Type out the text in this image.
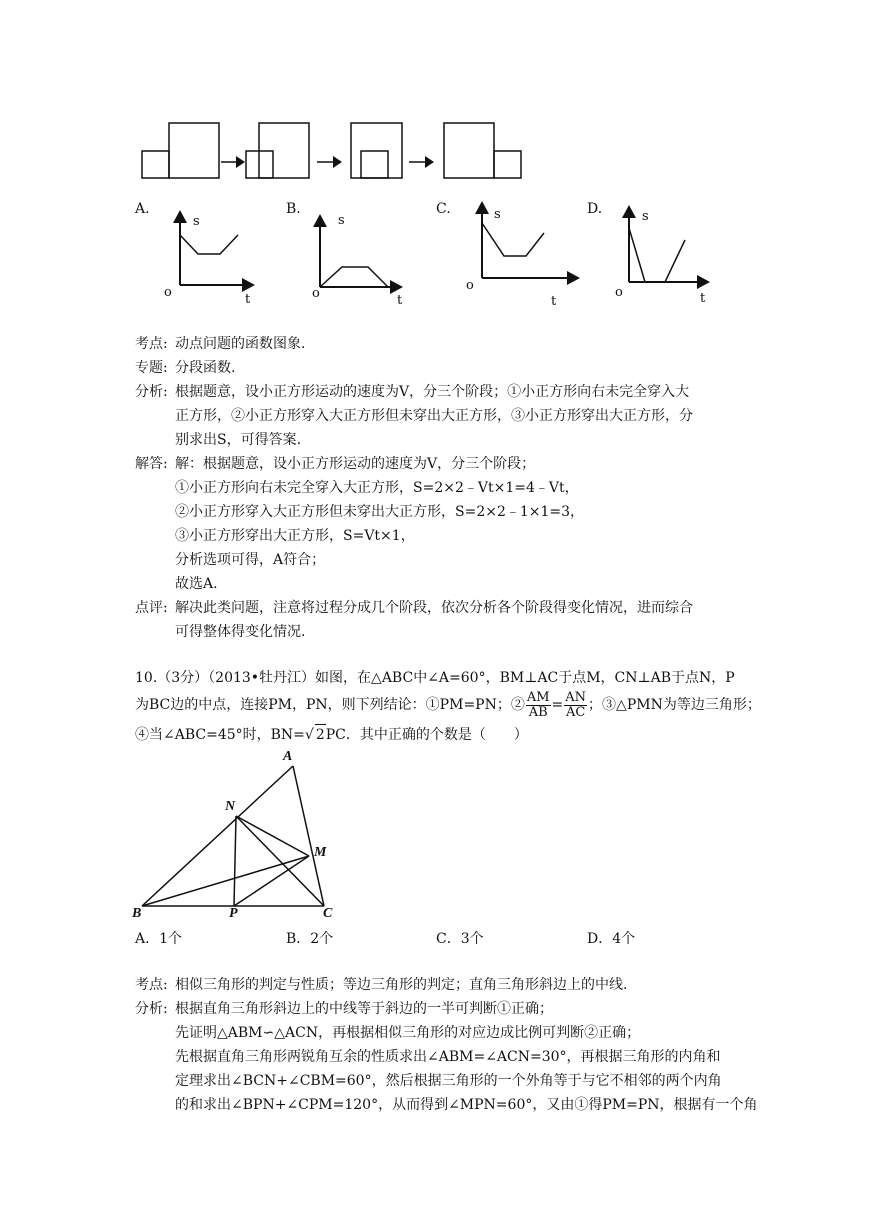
A.	B.	C.	D.
s
o	t
s
o	t
s
o
t
s
o	t
考点: 动点问题的函数图象.
专题: 分段函数.
分析: 根据题意，设小正方形运动的速度为V，分三个阶段；①小正方形向右未完全穿入大
正方形，②小正方形穿入大正方形但未穿出大正方形，③小正方形穿出大正方形，分
别求出S，可得答案.
解答: 解：根据题意，设小正方形运动的速度为V，分三个阶段；
①小正方形向右未完全穿入大正方形，S=2×2﹣Vt×1=4﹣Vt，
②小正方形穿入大正方形但未穿出大正方形，S=2×2﹣1×1=3，
③小正方形穿出大正方形，S=Vt×1，
分析选项可得，A符合；
故选A.
点评: 解决此类问题，注意将过程分成几个阶段，依次分析各个阶段得变化情况，进而综合
可得整体得变化情况.
10.（3分）（2013•牡丹江）如图，在△ABC中∠A=60°，BM⊥AC于点M，CN⊥AB于点N，P
为BC边的中点，连接PM，PN，则下列结论：①PM=PN；② $\frac{AM}{AB} = \frac{AN}{AC}$ ；③△PMN为等边三角形；
④当∠ABC=45°时，BN=√ 2PC．其中正确的个数是（　　）
A
N
M
B	P	C
A．1个	B．2个	C．3个	D．4个
考点: 相似三角形的判定与性质；等边三角形的判定；直角三角形斜边上的中线.
分析: 根据直角三角形斜边上的中线等于斜边的一半可判断①正确；
先证明△ABM∽△ACN，再根据相似三角形的对应边成比例可判断②正确；
先根据直角三角形两锐角互余的性质求出∠ABM=∠ACN=30°，再根据三角形的内角和
定理求出∠BCN+∠CBM=60°，然后根据三角形的一个外角等于与它不相邻的两个内角
的和求出∠BPN+∠CPM=120°，从而得到∠MPN=60°，又由①得PM=PN，根据有一个角
